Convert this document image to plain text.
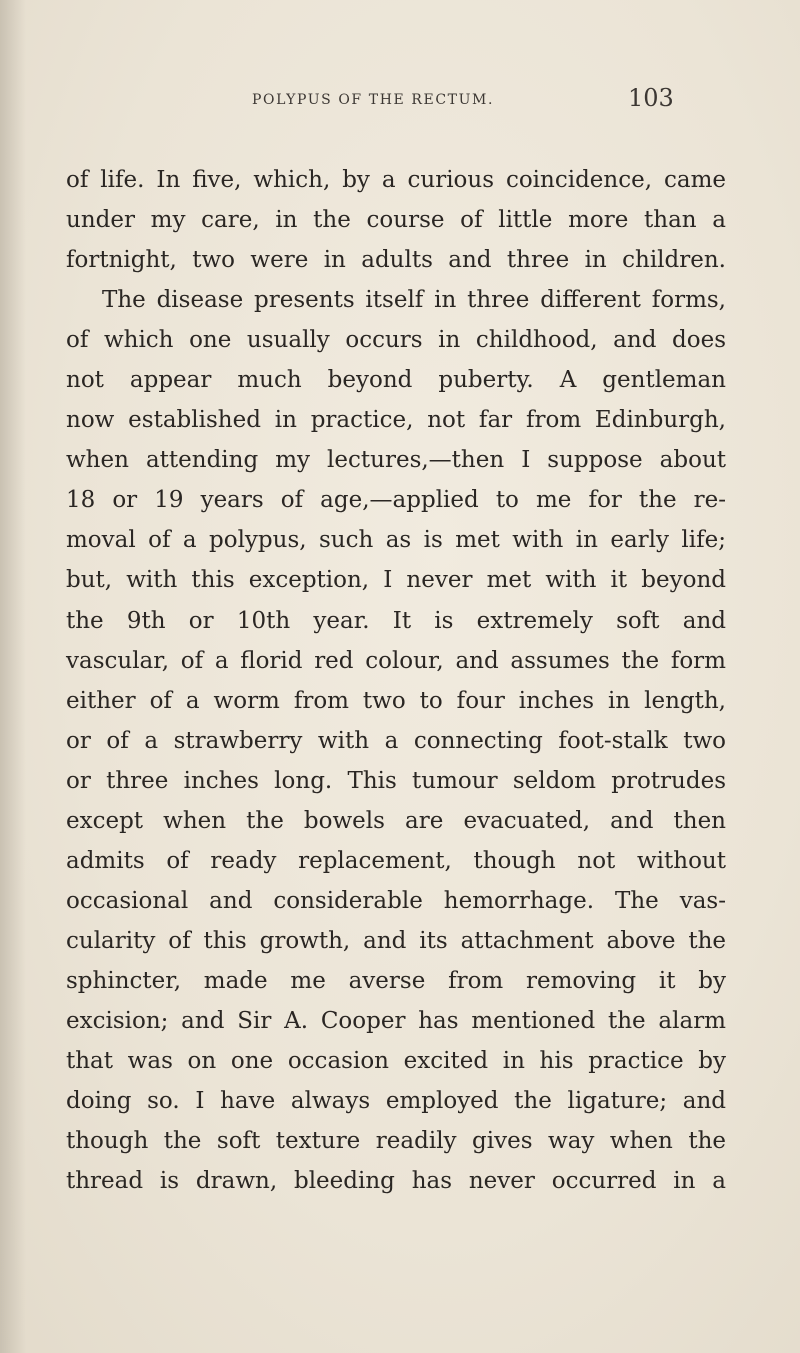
POLYPUS OF THE RECTUM.	103
of life. In five, which, by a curious coincidence, came
under my care, in the course of little more than a
fortnight, two were in adults and three in children.
The disease presents itself in three different forms,
of which one usually occurs in childhood, and does
not appear much beyond puberty. A gentleman
now established in practice, not far from Edinburgh,
when attending my lectures,—then I suppose about
18 or 19 years of age,—applied to me for the re-
moval of a polypus, such as is met with in early life;
but, with this exception, I never met with it beyond
the 9th or 10th year. It is extremely soft and
vascular, of a florid red colour, and assumes the form
either of a worm from two to four inches in length,
or of a strawberry with a connecting foot-stalk two
or three inches long. This tumour seldom protrudes
except when the bowels are evacuated, and then
admits of ready replacement, though not without
occasional and considerable hemorrhage. The vas-
cularity of this growth, and its attachment above the
sphincter, made me averse from removing it by
excision; and Sir A. Cooper has mentioned the alarm
that was on one occasion excited in his practice by
doing so. I have always employed the ligature; and
though the soft texture readily gives way when the
thread is drawn, bleeding has never occurred in a
